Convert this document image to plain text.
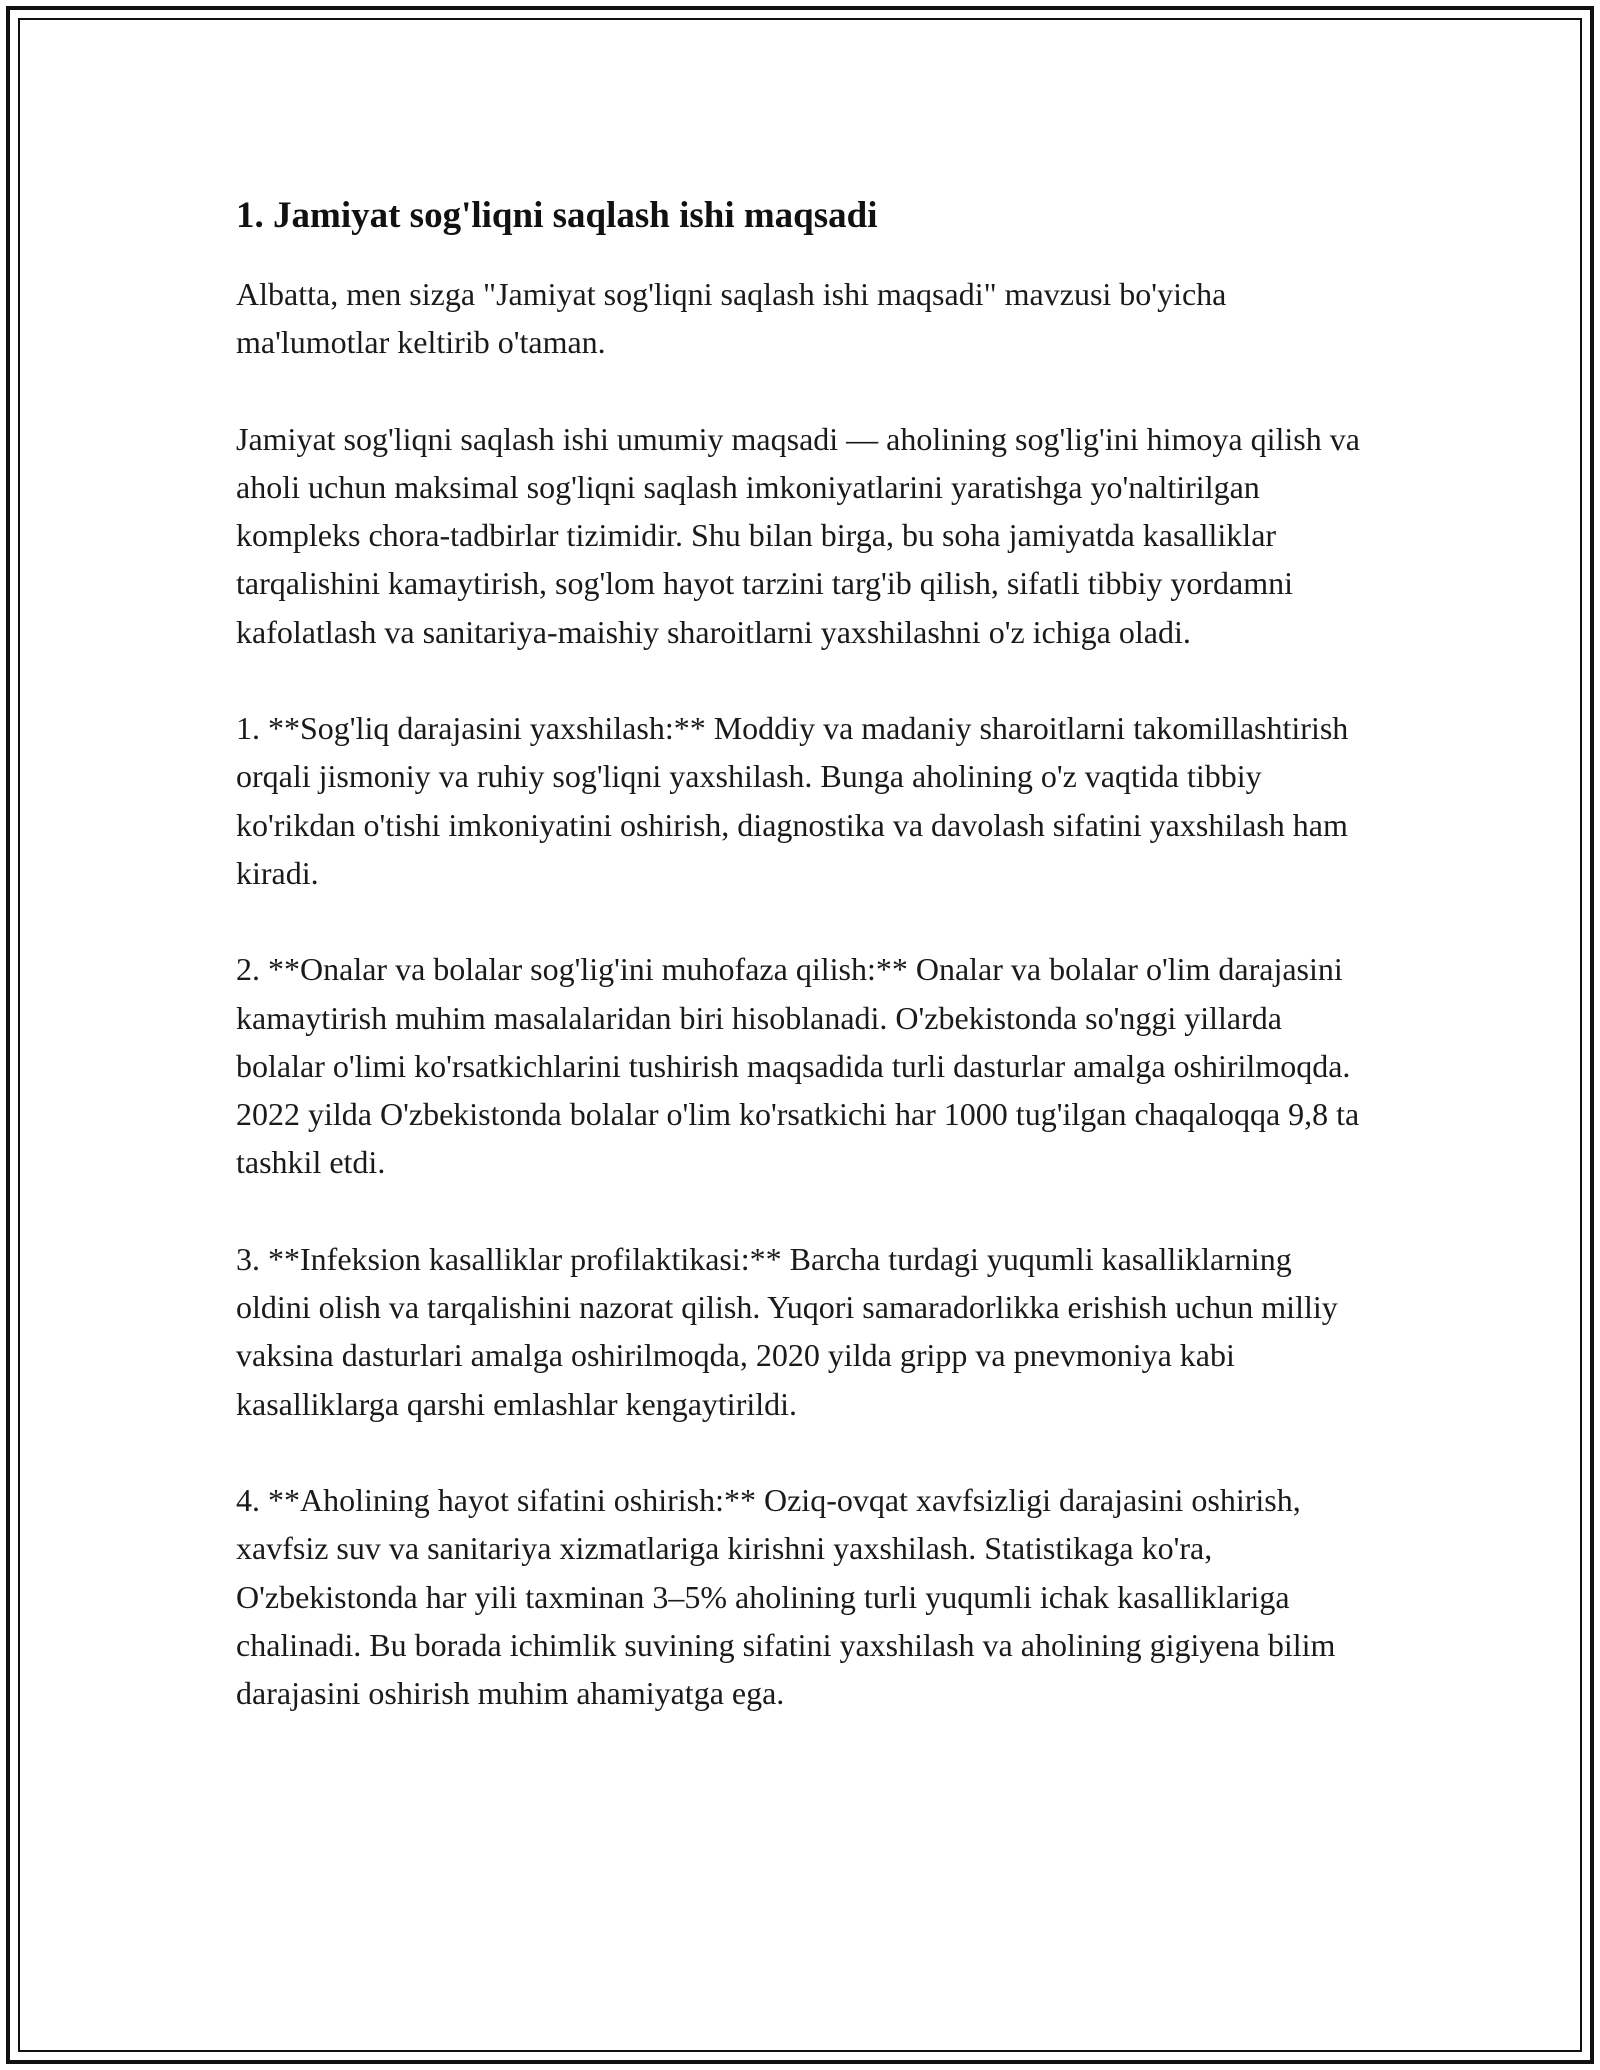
1. Jamiyat sog'liqni saqlash ishi maqsadi

Albatta, men sizga "Jamiyat sog'liqni saqlash ishi maqsadi" mavzusi bo'yicha ma'lumotlar keltirib o'taman.

Jamiyat sog'liqni saqlash ishi umumiy maqsadi — aholining sog'lig'ini himoya qilish va aholi uchun maksimal sog'liqni saqlash imkoniyatlarini yaratishga yo'naltirilgan kompleks chora-tadbirlar tizimidir. Shu bilan birga, bu soha jamiyatda kasalliklar tarqalishini kamaytirish, sog'lom hayot tarzini targ'ib qilish, sifatli tibbiy yordamni kafolatlash va sanitariya-maishiy sharoitlarni yaxshilashni o'z ichiga oladi.

1. **Sog'liq darajasini yaxshilash:** Moddiy va madaniy sharoitlarni takomillashtirish orqali jismoniy va ruhiy sog'liqni yaxshilash. Bunga aholining o'z vaqtida tibbiy ko'rikdan o'tishi imkoniyatini oshirish, diagnostika va davolash sifatini yaxshilash ham kiradi.

2. **Onalar va bolalar sog'lig'ini muhofaza qilish:** Onalar va bolalar o'lim darajasini kamaytirish muhim masalalaridan biri hisoblanadi. O'zbekistonda so'nggi yillarda bolalar o'limi ko'rsatkichlarini tushirish maqsadida turli dasturlar amalga oshirilmoqda. 2022 yilda O'zbekistonda bolalar o'lim ko'rsatkichi har 1000 tug'ilgan chaqaloqqa 9,8 ta tashkil etdi.

3. **Infeksion kasalliklar profilaktikasi:** Barcha turdagi yuqumli kasalliklarning oldini olish va tarqalishini nazorat qilish. Yuqori samaradorlikka erishish uchun milliy vaksina dasturlari amalga oshirilmoqda, 2020 yilda gripp va pnevmoniya kabi kasalliklarga qarshi emlashlar kengaytirildi.

4. **Aholining hayot sifatini oshirish:** Oziq-ovqat xavfsizligi darajasini oshirish, xavfsiz suv va sanitariya xizmatlariga kirishni yaxshilash. Statistikaga ko'ra, O'zbekistonda har yili taxminan 3–5% aholining turli yuqumli ichak kasalliklariga chalinadi. Bu borada ichimlik suvining sifatini yaxshilash va aholining gigiyena bilim darajasini oshirish muhim ahamiyatga ega.
